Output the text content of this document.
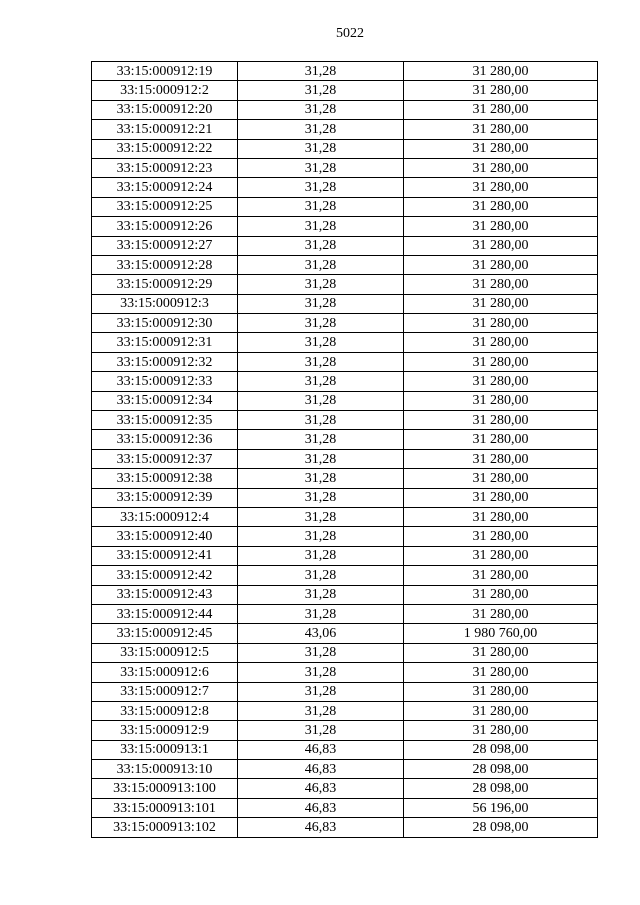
5022
33:15:000912:19	31,28	31 280,00
33:15:000912:2	31,28	31 280,00
33:15:000912:20	31,28	31 280,00
33:15:000912:21	31,28	31 280,00
33:15:000912:22	31,28	31 280,00
33:15:000912:23	31,28	31 280,00
33:15:000912:24	31,28	31 280,00
33:15:000912:25	31,28	31 280,00
33:15:000912:26	31,28	31 280,00
33:15:000912:27	31,28	31 280,00
33:15:000912:28	31,28	31 280,00
33:15:000912:29	31,28	31 280,00
33:15:000912:3	31,28	31 280,00
33:15:000912:30	31,28	31 280,00
33:15:000912:31	31,28	31 280,00
33:15:000912:32	31,28	31 280,00
33:15:000912:33	31,28	31 280,00
33:15:000912:34	31,28	31 280,00
33:15:000912:35	31,28	31 280,00
33:15:000912:36	31,28	31 280,00
33:15:000912:37	31,28	31 280,00
33:15:000912:38	31,28	31 280,00
33:15:000912:39	31,28	31 280,00
33:15:000912:4	31,28	31 280,00
33:15:000912:40	31,28	31 280,00
33:15:000912:41	31,28	31 280,00
33:15:000912:42	31,28	31 280,00
33:15:000912:43	31,28	31 280,00
33:15:000912:44	31,28	31 280,00
33:15:000912:45	43,06	1 980 760,00
33:15:000912:5	31,28	31 280,00
33:15:000912:6	31,28	31 280,00
33:15:000912:7	31,28	31 280,00
33:15:000912:8	31,28	31 280,00
33:15:000912:9	31,28	31 280,00
33:15:000913:1	46,83	28 098,00
33:15:000913:10	46,83	28 098,00
33:15:000913:100	46,83	28 098,00
33:15:000913:101	46,83	56 196,00
33:15:000913:102	46,83	28 098,00
